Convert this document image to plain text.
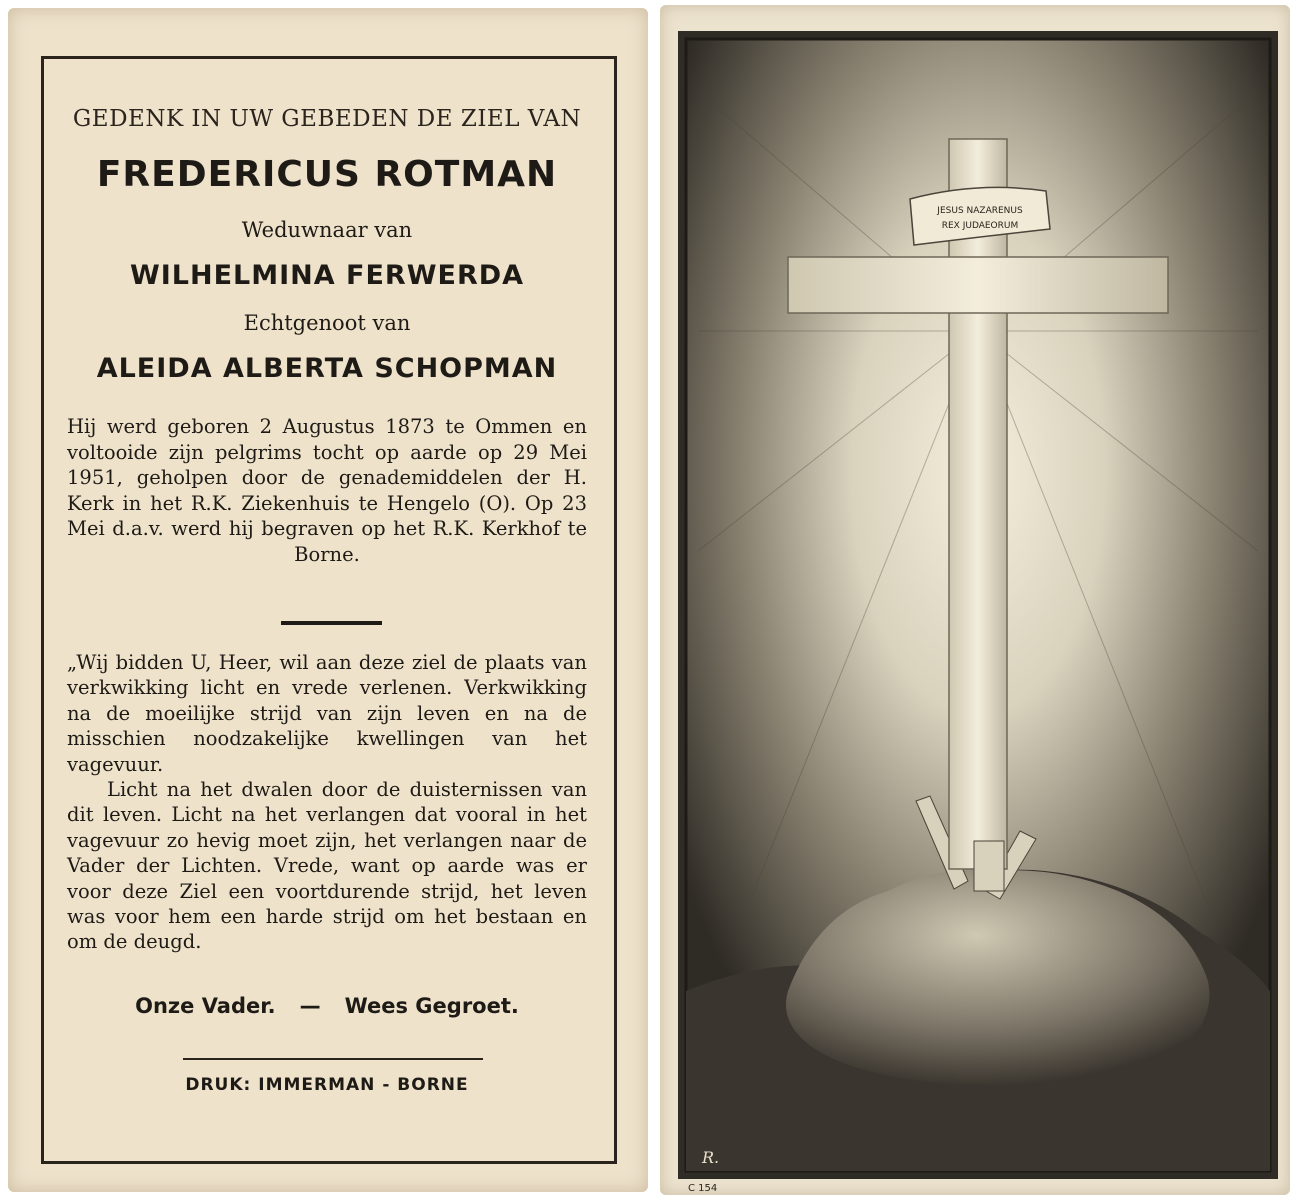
GEDENK IN UW GEBEDEN DE ZIEL VAN
FREDERICUS ROTMAN
Weduwnaar van
WILHELMINA FERWERDA
Echtgenoot van
ALEIDA ALBERTA SCHOPMAN
Hij werd geboren 2 Augustus 1873 te Ommen en voltooide zijn pelgrims tocht op aarde op 29 Mei 1951, geholpen door de genademiddelen der H. Kerk in het R.K. Ziekenhuis te Hengelo (O). Op 23 Mei d.a.v. werd hij begraven op het R.K. Kerkhof te Borne.

„Wij bidden U, Heer, wil aan deze ziel de plaats van verkwikking licht en vrede verlenen. Verkwikking na de moeilijke strijd van zijn leven en na de misschien noodzakelijke kwellingen van het vagevuur.

Licht na het dwalen door de duisternissen van dit leven. Licht na het verlangen dat vooral in het vagevuur zo hevig moet zijn, het verlangen naar de Vader der Lichten. Vrede, want op aarde was er voor deze Ziel een voortdurende strijd, het leven was voor hem een harde strijd om het bestaan en om de deugd.

Onze Vader. — Wees Gegroet.
DRUK: IMMERMAN - BORNE
JESUS NAZARENUS
REX JUDAEORUM
R.
C 154
